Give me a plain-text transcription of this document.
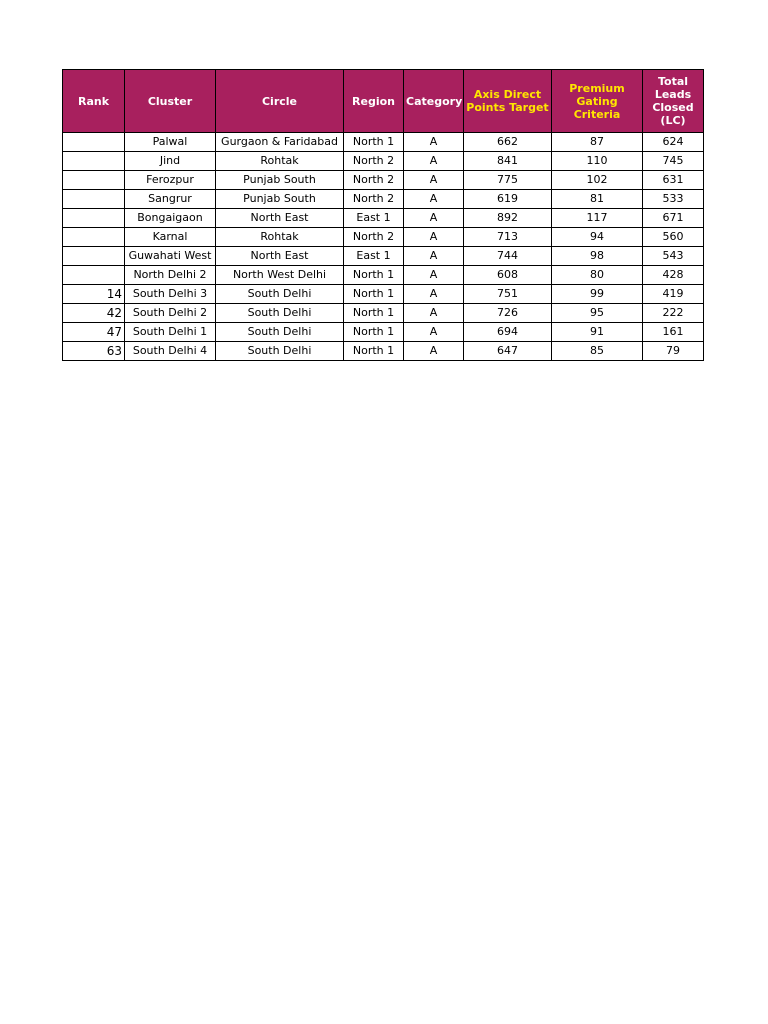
Rank	Cluster	Circle	Region	Category	Axis Direct Points Target	Premium Gating Criteria	Total Leads Closed (LC)
	Palwal	Gurgaon & Faridabad	North 1	A	662	87	624
	Jind	Rohtak	North 2	A	841	110	745
	Ferozpur	Punjab South	North 2	A	775	102	631
	Sangrur	Punjab South	North 2	A	619	81	533
	Bongaigaon	North East	East 1	A	892	117	671
	Karnal	Rohtak	North 2	A	713	94	560
	Guwahati West	North East	East 1	A	744	98	543
	North Delhi 2	North West Delhi	North 1	A	608	80	428
14	South Delhi 3	South Delhi	North 1	A	751	99	419
42	South Delhi 2	South Delhi	North 1	A	726	95	222
47	South Delhi 1	South Delhi	North 1	A	694	91	161
63	South Delhi 4	South Delhi	North 1	A	647	85	79
